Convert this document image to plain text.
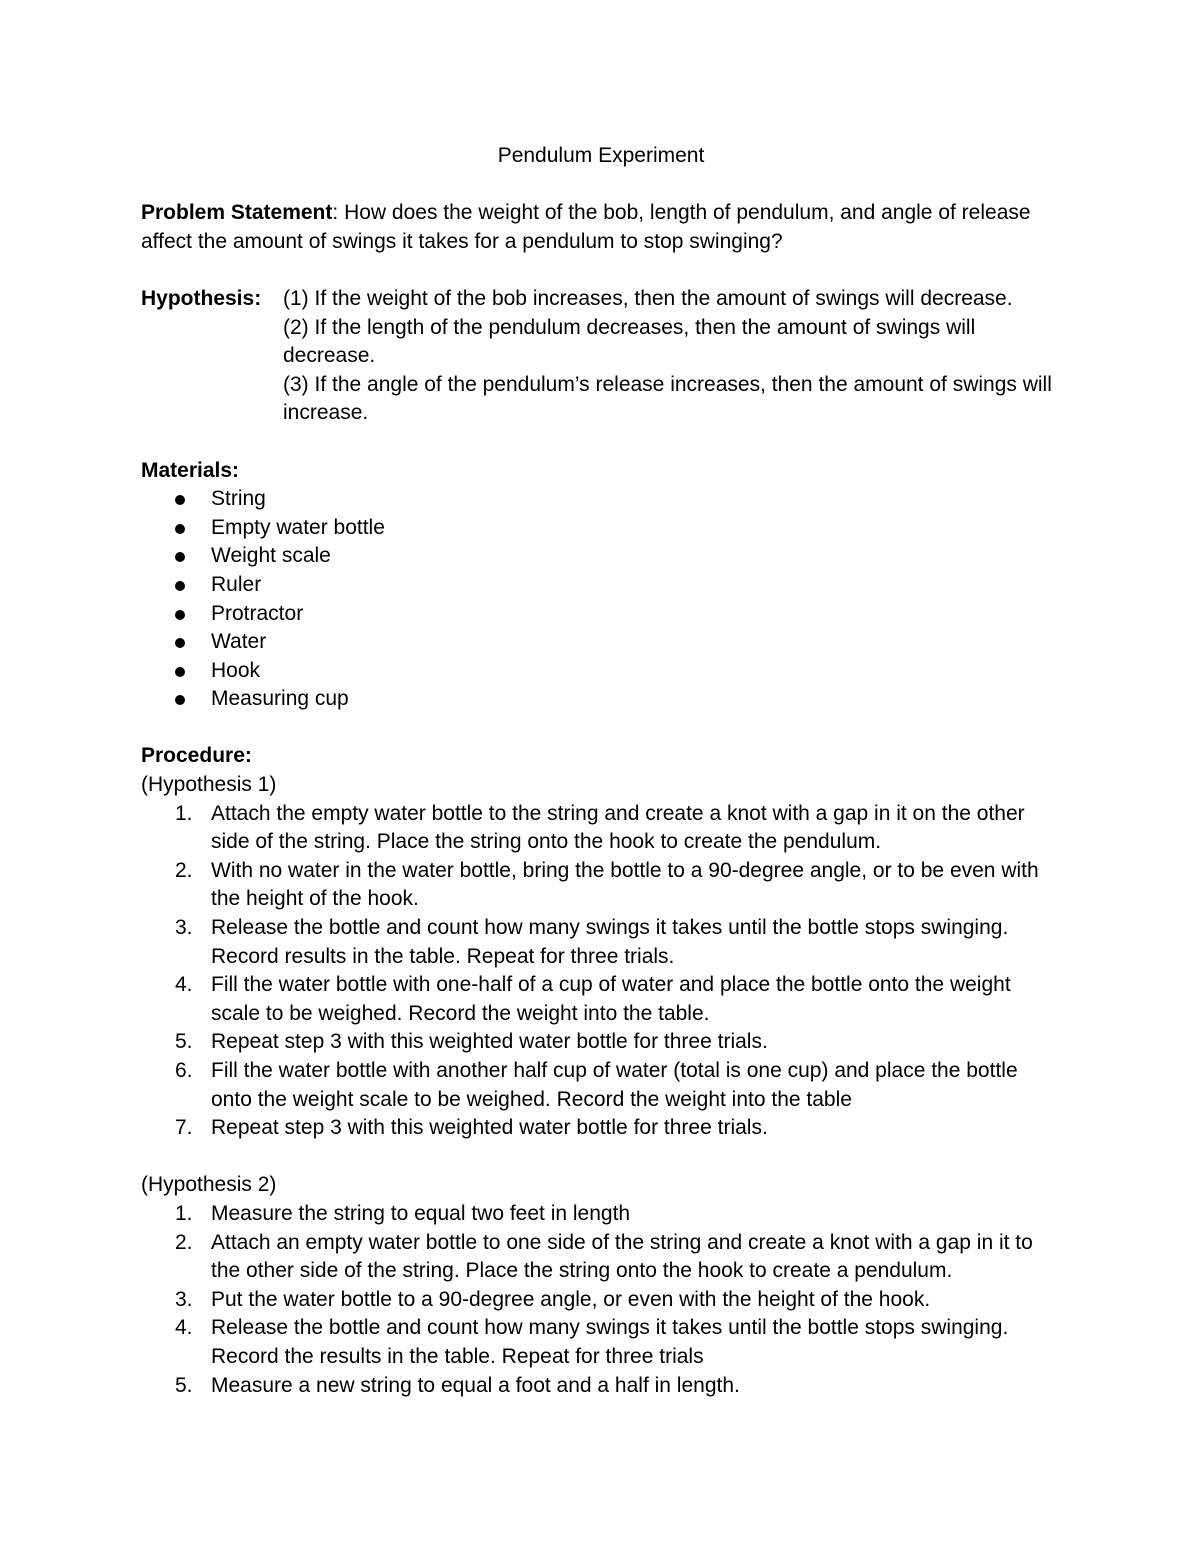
Pendulum Experiment
Problem Statement: How does the weight of the bob, length of pendulum, and angle of release affect the amount of swings it takes for a pendulum to stop swinging?
Hypothesis:	(1) If the weight of the bob increases, then the amount of swings will decrease.
(2) If the length of the pendulum decreases, then the amount of swings will decrease.
(3) If the angle of the pendulum’s release increases, then the amount of swings will increase.
Materials:
String
Empty water bottle
Weight scale
Ruler
Protractor
Water
Hook
Measuring cup
Procedure:
(Hypothesis 1)
1. Attach the empty water bottle to the string and create a knot with a gap in it on the other side of the string. Place the string onto the hook to create the pendulum.
2. With no water in the water bottle, bring the bottle to a 90-degree angle, or to be even with the height of the hook.
3. Release the bottle and count how many swings it takes until the bottle stops swinging. Record results in the table. Repeat for three trials.
4. Fill the water bottle with one-half of a cup of water and place the bottle onto the weight scale to be weighed. Record the weight into the table.
5. Repeat step 3 with this weighted water bottle for three trials.
6. Fill the water bottle with another half cup of water (total is one cup) and place the bottle onto the weight scale to be weighed. Record the weight into the table
7. Repeat step 3 with this weighted water bottle for three trials.
(Hypothesis 2)
1. Measure the string to equal two feet in length
2. Attach an empty water bottle to one side of the string and create a knot with a gap in it to the other side of the string. Place the string onto the hook to create a pendulum.
3. Put the water bottle to a 90-degree angle, or even with the height of the hook.
4. Release the bottle and count how many swings it takes until the bottle stops swinging. Record the results in the table. Repeat for three trials
5. Measure a new string to equal a foot and a half in length.
